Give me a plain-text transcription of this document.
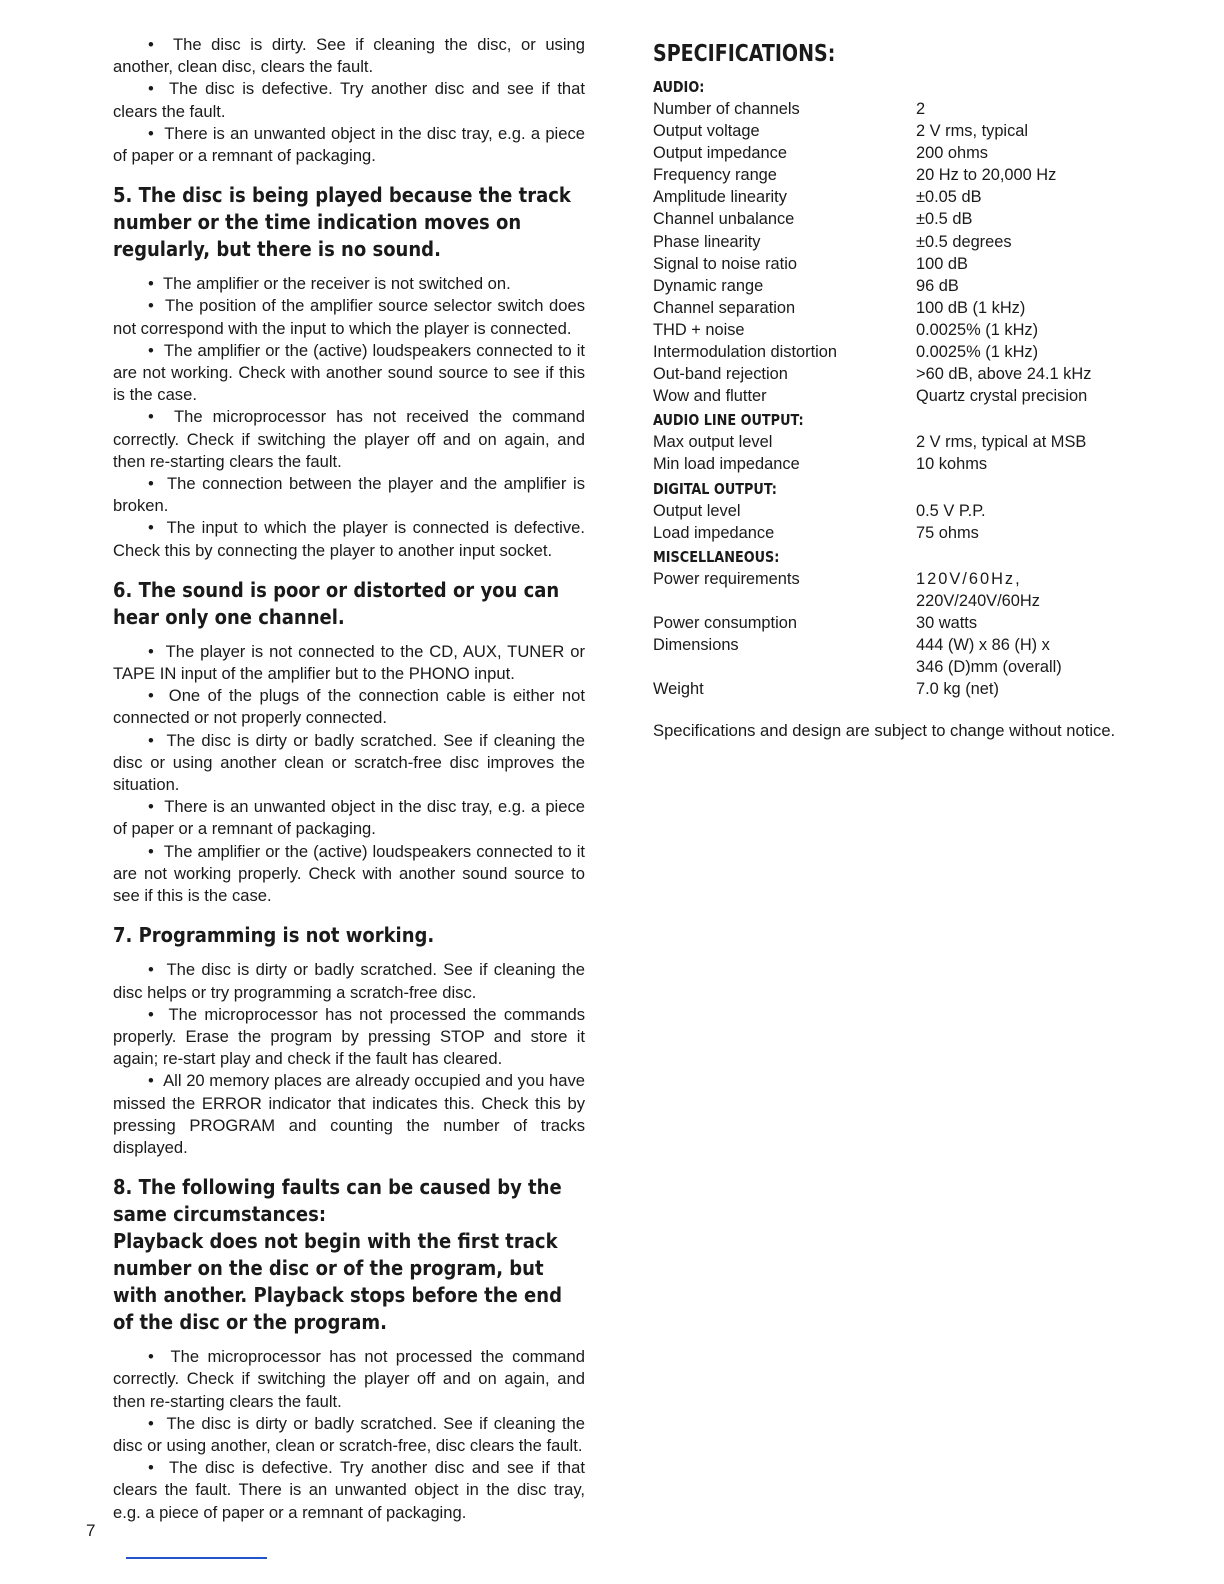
•  The disc is dirty. See if cleaning the disc, or using another, clean disc, clears the fault.

•  The disc is defective. Try another disc and see if that clears the fault.

•  There is an unwanted object in the disc tray, e.g. a piece of paper or a remnant of packaging.

5. The disc is being played because the track number or the time indication moves on regularly, but there is no sound.

•  The amplifier or the receiver is not switched on.

•  The position of the amplifier source selector switch does not correspond with the input to which the player is connected.

•  The amplifier or the (active) loudspeakers connected to it are not working. Check with another sound source to see if this is the case.

•  The microprocessor has not received the command correctly. Check if switching the player off and on again, and then re-starting clears the fault.

•  The connection between the player and the amplifier is broken.

•  The input to which the player is connected is defective. Check this by connecting the player to another input socket.

6. The sound is poor or distorted or you can hear only one channel.

•  The player is not connected to the CD, AUX, TUNER or TAPE IN input of the amplifier but to the PHONO input.

•  One of the plugs of the connection cable is either not connected or not properly connected.

•  The disc is dirty or badly scratched. See if cleaning the disc or using another clean or scratch-free disc improves the situation.

•  There is an unwanted object in the disc tray, e.g. a piece of paper or a remnant of packaging.

•  The amplifier or the (active) loudspeakers connected to it are not working properly. Check with another sound source to see if this is the case.

7. Programming is not working.

•  The disc is dirty or badly scratched. See if cleaning the disc helps or try programming a scratch-free disc.

•  The microprocessor has not processed the commands properly. Erase the program by pressing STOP and store it again; re-start play and check if the fault has cleared.

•  All 20 memory places are already occupied and you have missed the ERROR indicator that indicates this. Check this by pressing PROGRAM and counting the number of tracks displayed.

8. The following faults can be caused by the same circumstances:
Playback does not begin with the first track number on the disc or of the program, but with another. Playback stops before the end of the disc or the program.

•  The microprocessor has not processed the command correctly. Check if switching the player off and on again, and then re-starting clears the fault.

•  The disc is dirty or badly scratched. See if cleaning the disc or using another, clean or scratch-free, disc clears the fault.

•  The disc is defective. Try another disc and see if that clears the fault. There is an unwanted object in the disc tray, e.g. a piece of paper or a remnant of packaging.

7
SPECIFICATIONS:
AUDIO:
Number of channels	2
Output voltage	2 V rms, typical
Output impedance	200 ohms
Frequency range	20 Hz to 20,000 Hz
Amplitude linearity	±0.05 dB
Channel unbalance	±0.5 dB
Phase linearity	±0.5 degrees
Signal to noise ratio	100 dB
Dynamic range	96 dB
Channel separation	100 dB (1 kHz)
THD + noise	0.0025% (1 kHz)
Intermodulation distortion	0.0025% (1 kHz)
Out-band rejection	>60 dB, above 24.1 kHz
Wow and flutter	Quartz crystal precision
AUDIO LINE OUTPUT:
Max output level	2 V rms, typical at MSB
Min load impedance	10 kohms
DIGITAL OUTPUT:
Output level	0.5 V P.P.
Load impedance	75 ohms
MISCELLANEOUS:
Power requirements	120V/60Hz,
220V/240V/60Hz
Power consumption	30 watts
Dimensions	444 (W) x 86 (H) x
346 (D)mm (overall)
Weight	7.0 kg (net)

Specifications and design are subject to change without notice.
